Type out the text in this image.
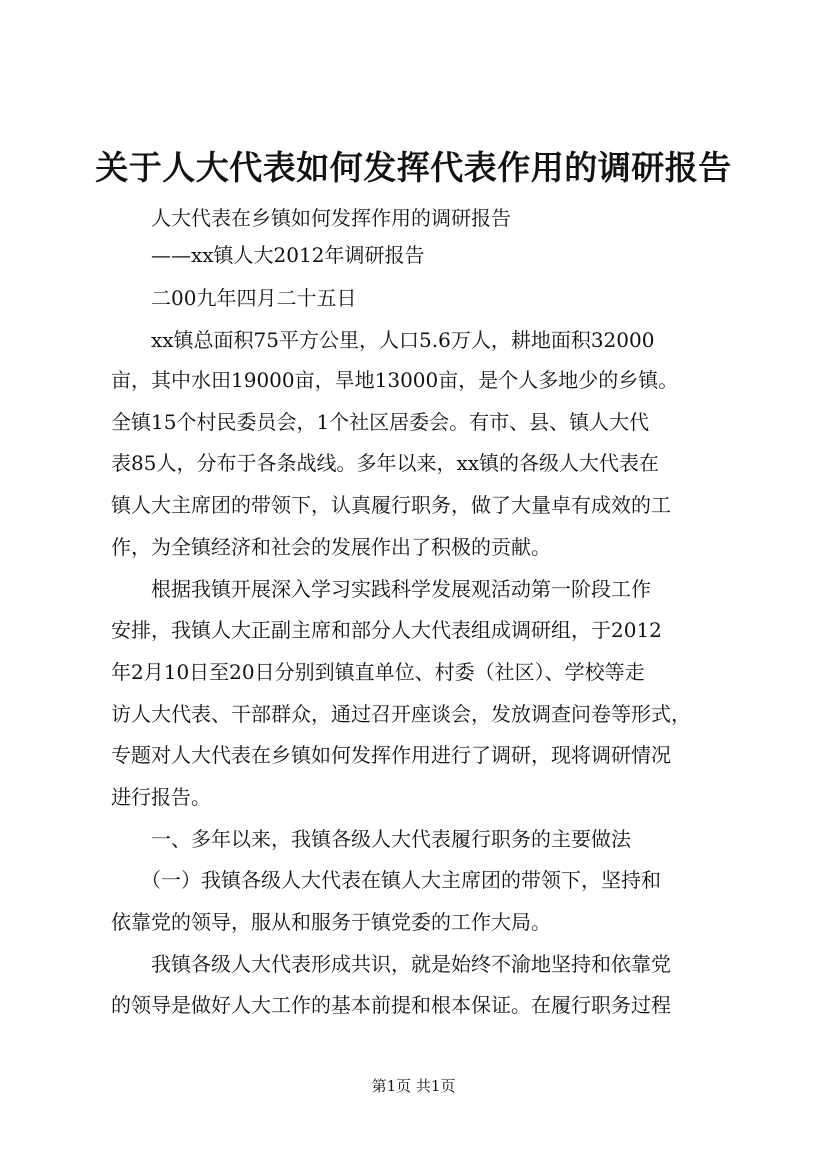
关于人大代表如何发挥代表作用的调研报告

　　人大代表在乡镇如何发挥作用的调研报告

　　——xx镇人大2012年调研报告

　　二00九年四月二十五日

　　xx镇总面积75平方公里，人口5.6万人，耕地面积32000

亩，其中水田19000亩，旱地13000亩，是个人多地少的乡镇。

全镇15个村民委员会，1个社区居委会。有市、县、镇人大代

表85人，分布于各条战线。多年以来，xx镇的各级人大代表在

镇人大主席团的带领下，认真履行职务，做了大量卓有成效的工

作，为全镇经济和社会的发展作出了积极的贡献。

　　根据我镇开展深入学习实践科学发展观活动第一阶段工作

安排，我镇人大正副主席和部分人大代表组成调研组，于2012

年2月10日至20日分别到镇直单位、村委（社区）、学校等走

访人大代表、干部群众，通过召开座谈会，发放调查问卷等形式，

专题对人大代表在乡镇如何发挥作用进行了调研，现将调研情况

进行报告。

　　一、多年以来，我镇各级人大代表履行职务的主要做法

　　（一）我镇各级人大代表在镇人大主席团的带领下，坚持和

依靠党的领导，服从和服务于镇党委的工作大局。

　　我镇各级人大代表形成共识，就是始终不渝地坚持和依靠党

的领导是做好人大工作的基本前提和根本保证。在履行职务过程

第1页 共1页
